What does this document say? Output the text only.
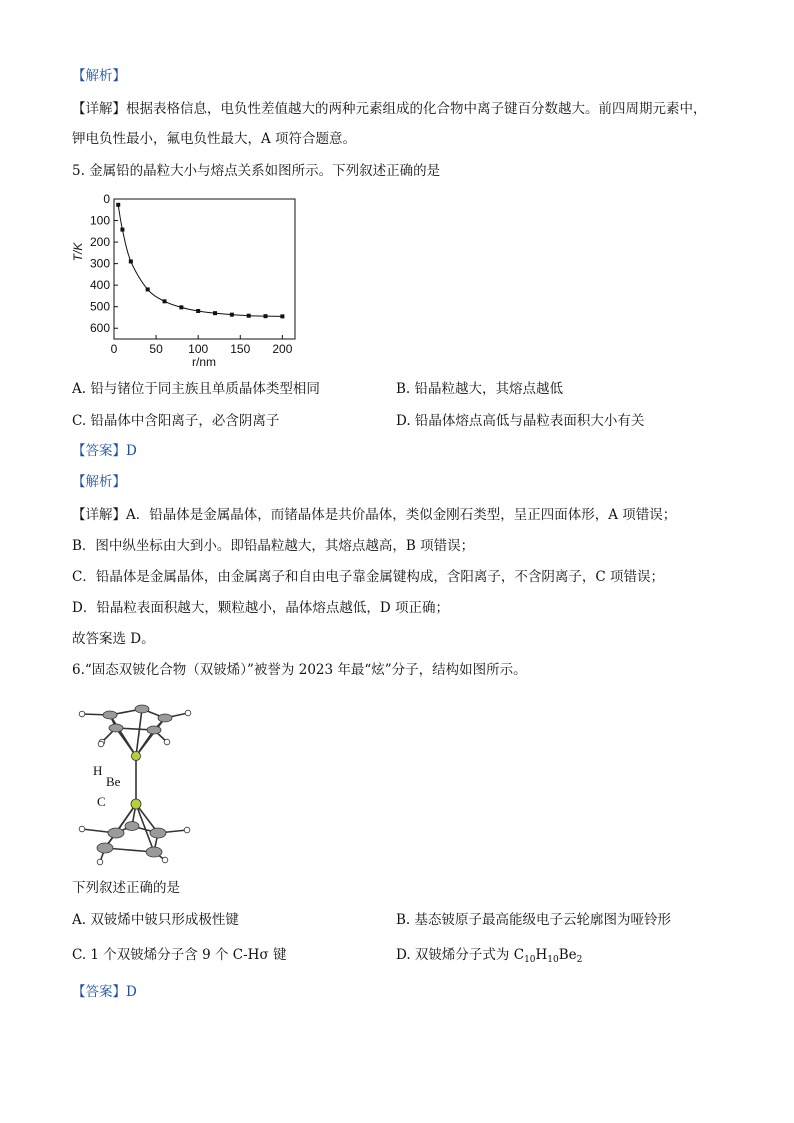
【解析】
【详解】根据表格信息，电负性差值越大的两种元素组成的化合物中离子键百分数越大。前四周期元素中，
钾电负性最小，氟电负性最大，A 项符合题意。
5. 金属铅的晶粒大小与熔点关系如图所示。下列叙述正确的是
0
100
200
300
400
500
600
0	50 100 150 200
T/K
r/nm
A. 铅与锗位于同主族且单质晶体类型相同	B. 铅晶粒越大，其熔点越低
C. 铅晶体中含阳离子，必含阴离子	D. 铅晶体熔点高低与晶粒表面积大小有关
【答案】D
【解析】
【详解】A．铅晶体是金属晶体，而锗晶体是共价晶体，类似金刚石类型，呈正四面体形，A 项错误；
B．图中纵坐标由大到小。即铅晶粒越大，其熔点越高，B 项错误；
C．铅晶体是金属晶体，由金属离子和自由电子靠金属键构成，含阳离子，不含阴离子，C 项错误；
D．铅晶粒表面积越大，颗粒越小，晶体熔点越低，D 项正确；
故答案选 D。
6.“固态双铍化合物（双铍烯）”被誉为 2023 年最“炫”分子，结构如图所示。
H
Be
C
下列叙述正确的是
A. 双铍烯中铍只形成极性键	B. 基态铍原子最高能级电子云轮廓图为哑铃形
C. 1 个双铍烯分子含 9 个 C-Hσ 键	D. 双铍烯分子式为 $C_{10}H_{10}Be_2$
【答案】D
